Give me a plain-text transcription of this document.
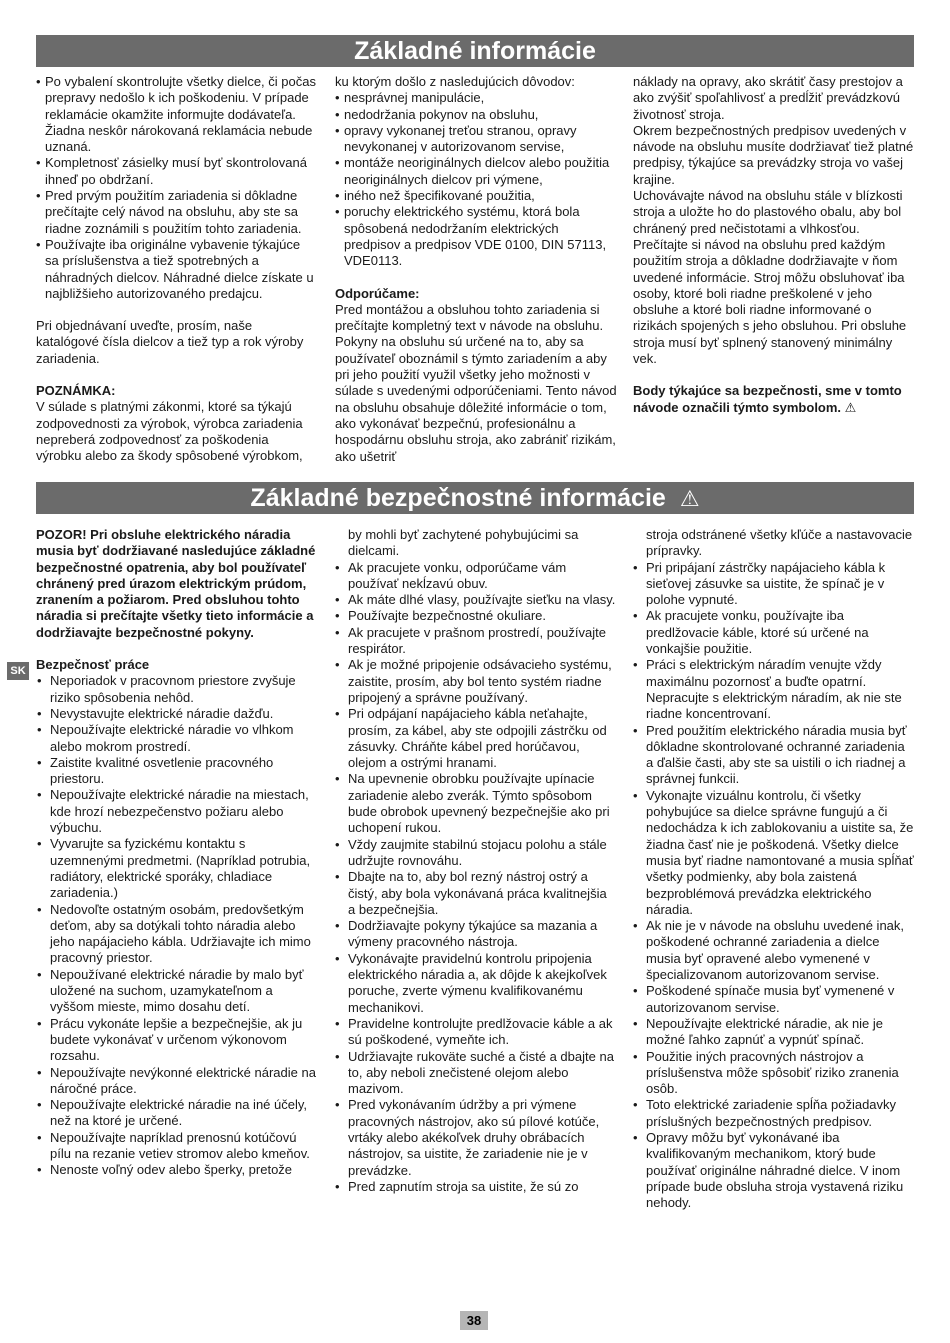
Základné informácie
• Po vybalení skontrolujte všetky dielce, či počas prepravy nedošlo k ich poškodeniu. V prípade reklamácie okamžite informujte dodávateľa. Žiadna neskôr nárokovaná reklamácia nebude uznaná.
• Kompletnosť zásielky musí byť skontrolovaná ihneď po obdržaní.
• Pred prvým použitím zariadenia si dôkladne prečítajte celý návod na obsluhu, aby ste sa riadne zoznámili s použitím tohto zariadenia.
• Používajte iba originálne vybavenie týkajúce sa príslušenstva a tiež spotrebných a náhradných dielcov. Náhradné dielce získate u najbližšieho autorizovaného predajcu.

Pri objednávaní uveďte, prosím, naše katalógové čísla dielcov a tiež typ a rok výroby zariadenia.

POZNÁMKA:

V súlade s platnými zákonmi, ktoré sa týkajú zodpovednosti za výrobok, výrobca zariadenia nepreberá zodpovednosť za poškodenia výrobku alebo za škody spôsobené výrobkom,

ku ktorým došlo z nasledujúcich dôvodov:

• nesprávnej manipulácie,
• nedodržania pokynov na obsluhu,
• opravy vykonanej treťou stranou, opravy nevykonanej v autorizovanom servise,
• montáže neoriginálnych dielcov alebo použitia neoriginálnych dielcov pri výmene,
• iného než špecifikované použitia,
• poruchy elektrického systému, ktorá bola spôsobená nedodržaním elektrických predpisov a predpisov VDE 0100, DIN 57113, VDE0113.

Odporúčame:

Pred montážou a obsluhou tohto zariadenia si prečítajte kompletný text v návode na obsluhu. Pokyny na obsluhu sú určené na to, aby sa používateľ oboznámil s týmto zariadením a aby pri jeho použití využil všetky jeho možnosti v súlade s uvedenými odporúčeniami. Tento návod na obsluhu obsahuje dôležité informácie o tom, ako vykonávať bezpečnú, profesionálnu a hospodárnu obsluhu stroja, ako zabrániť rizikám, ako ušetriť

náklady na opravy, ako skrátiť časy prestojov a ako zvýšiť spoľahlivosť a predĺžiť prevádzkovú životnosť stroja.

Okrem bezpečnostných predpisov uvedených v návode na obsluhu musíte dodržiavať tiež platné predpisy, týkajúce sa prevádzky stroja vo vašej krajine.

Uchovávajte návod na obsluhu stále v blízkosti stroja a uložte ho do plastového obalu, aby bol chránený pred nečistotami a vlhkosťou. Prečítajte si návod na obsluhu pred každým použitím stroja a dôkladne dodržiavajte v ňom uvedené informácie. Stroj môžu obsluhovať iba osoby, ktoré boli riadne preškolené v jeho obsluhe a ktoré boli riadne informované o rizikách spojených s jeho obsluhou. Pri obsluhe stroja musí byť splnený stanovený minimálny vek.

Body týkajúce sa bezpečnosti, sme v tomto návode označili týmto symbolom. ⚠

Základné bezpečnostné informácie ⚠
SK

POZOR! Pri obsluhe elektrického náradia musia byť dodržiavané nasledujúce základné bezpečnostné opatrenia, aby bol používateľ chránený pred úrazom elektrickým prúdom, zranením a požiarom. Pred obsluhou tohto náradia si prečítajte všetky tieto informácie a dodržiavajte bezpečnostné pokyny.

Bezpečnosť práce

• Neporiadok v pracovnom priestore zvyšuje riziko spôsobenia nehôd.
• Nevystavujte elektrické náradie dažďu.
• Nepoužívajte elektrické náradie vo vlhkom alebo mokrom prostredí.
• Zaistite kvalitné osvetlenie pracovného priestoru.
• Nepoužívajte elektrické náradie na miestach, kde hrozí nebezpečenstvo požiaru alebo výbuchu.
• Vyvarujte sa fyzickému kontaktu s uzemnenými predmetmi. (Napríklad potrubia, radiátory, elektrické sporáky, chladiace zariadenia.)
• Nedovoľte ostatným osobám, predovšetkým deťom, aby sa dotýkali tohto náradia alebo jeho napájacieho kábla. Udržiavajte ich mimo pracovný priestor.
• Nepoužívané elektrické náradie by malo byť uložené na suchom, uzamykateľnom a vyššom mieste, mimo dosahu detí.
• Prácu vykonáte lepšie a bezpečnejšie, ak ju budete vykonávať v určenom výkonovom rozsahu.
• Nepoužívajte nevýkonné elektrické náradie na náročné práce.
• Nepoužívajte elektrické náradie na iné účely, než na ktoré je určené.
• Nepoužívajte napríklad prenosnú kotúčovú pílu na rezanie vetiev stromov alebo kmeňov.
• Nenoste voľný odev alebo šperky, pretože

by mohli byť zachytené pohybujúcimi sa dielcami.

• Ak pracujete vonku, odporúčame vám používať nekĺzavú obuv.
• Ak máte dlhé vlasy, používajte sieťku na vlasy.
• Používajte bezpečnostné okuliare.
• Ak pracujete v prašnom prostredí, používajte respirátor.
• Ak je možné pripojenie odsávacieho systému, zaistite, prosím, aby bol tento systém riadne pripojený a správne používaný.
• Pri odpájaní napájacieho kábla neťahajte, prosím, za kábel, aby ste odpojili zástrčku od zásuvky. Chráňte kábel pred horúčavou, olejom a ostrými hranami.
• Na upevnenie obrobku používajte upínacie zariadenie alebo zverák. Týmto spôsobom bude obrobok upevnený bezpečnejšie ako pri uchopení rukou.
• Vždy zaujmite stabilnú stojacu polohu a stále udržujte rovnováhu.
• Dbajte na to, aby bol rezný nástroj ostrý a čistý, aby bola vykonávaná práca kvalitnejšia a bezpečnejšia.
• Dodržiavajte pokyny týkajúce sa mazania a výmeny pracovného nástroja.
• Vykonávajte pravidelnú kontrolu pripojenia elektrického náradia a, ak dôjde k akejkoľvek poruche, zverte výmenu kvalifikovanému mechanikovi.
• Pravidelne kontrolujte predlžovacie káble a ak sú poškodené, vymeňte ich.
• Udržiavajte rukoväte suché a čisté a dbajte na to, aby neboli znečistené olejom alebo mazivom.
• Pred vykonávaním údržby a pri výmene pracovných nástrojov, ako sú pílové kotúče, vrtáky alebo akékoľvek druhy obrábacích nástrojov, sa uistite, že zariadenie nie je v prevádzke.
• Pred zapnutím stroja sa uistite, že sú zo

stroja odstránené všetky kľúče a nastavovacie prípravky.

• Pri pripájaní zástrčky napájacieho kábla k sieťovej zásuvke sa uistite, že spínač je v polohe vypnuté.
• Ak pracujete vonku, používajte iba predlžovacie káble, ktoré sú určené na vonkajšie použitie.
• Práci s elektrickým náradím venujte vždy maximálnu pozornosť a buďte opatrní. Nepracujte s elektrickým náradím, ak nie ste riadne koncentrovaní.
• Pred použitím elektrického náradia musia byť dôkladne skontrolované ochranné zariadenia a ďalšie časti, aby ste sa uistili o ich riadnej a správnej funkcii.
• Vykonajte vizuálnu kontrolu, či všetky pohybujúce sa dielce správne fungujú a či nedochádza k ich zablokovaniu a uistite sa, že žiadna časť nie je poškodená. Všetky dielce musia byť riadne namontované a musia spĺňať všetky podmienky, aby bola zaistená bezproblémová prevádzka elektrického náradia.
• Ak nie je v návode na obsluhu uvedené inak, poškodené ochranné zariadenia a dielce musia byť opravené alebo vymenené v špecializovanom autorizovanom servise.
• Poškodené spínače musia byť vymenené v autorizovanom servise.
• Nepoužívajte elektrické náradie, ak nie je možné ľahko zapnúť a vypnúť spínač.
• Použitie iných pracovných nástrojov a príslušenstva môže spôsobiť riziko zranenia osôb.
• Toto elektrické zariadenie spĺňa požiadavky príslušných bezpečnostných predpisov.
• Opravy môžu byť vykonávané iba kvalifikovaným mechanikom, ktorý bude používať originálne náhradné dielce. V inom prípade bude obsluha stroja vystavená riziku nehody.
38
